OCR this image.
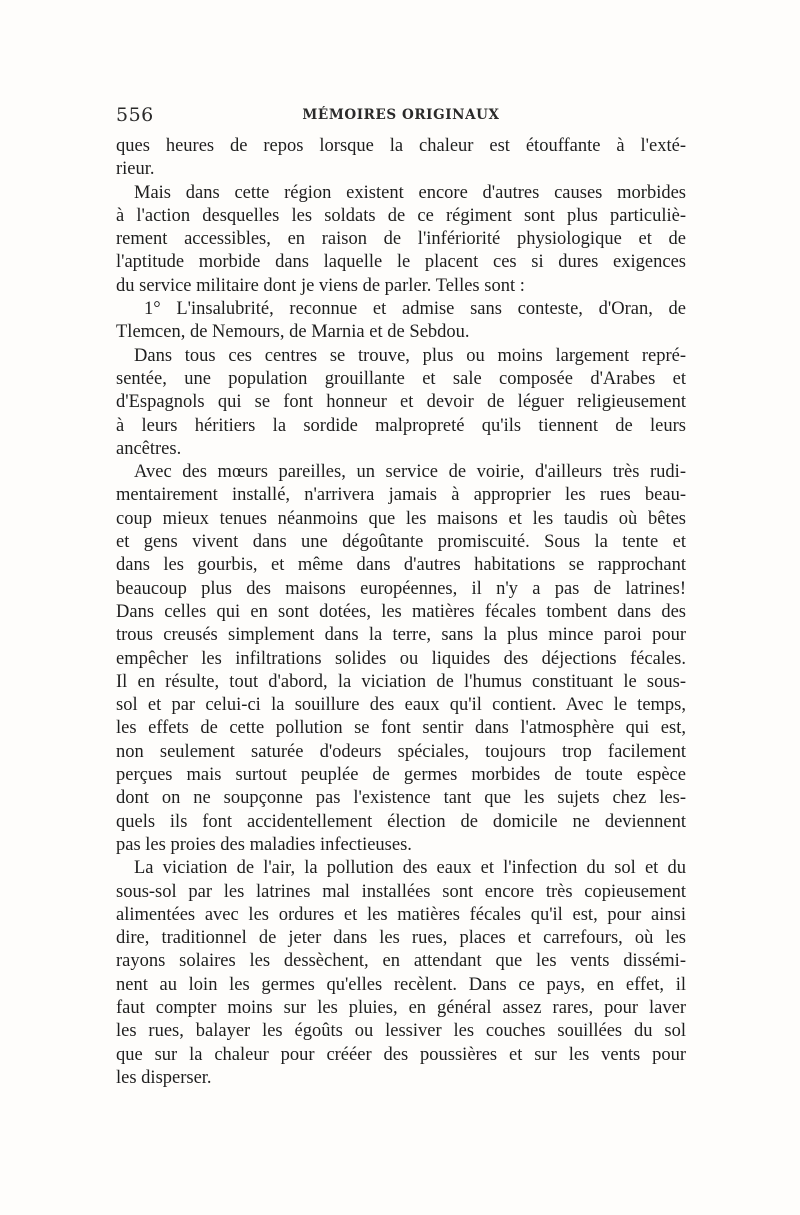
556	MÉMOIRES ORIGINAUX
ques heures de repos lorsque la chaleur est étouffante à l'exté-
rieur.
Mais dans cette région existent encore d'autres causes morbides
à l'action desquelles les soldats de ce régiment sont plus particuliè-
rement accessibles, en raison de l'infériorité physiologique et de
l'aptitude morbide dans laquelle le placent ces si dures exigences
du service militaire dont je viens de parler. Telles sont :
1° L'insalubrité, reconnue et admise sans conteste, d'Oran, de
Tlemcen, de Nemours, de Marnia et de Sebdou.
Dans tous ces centres se trouve, plus ou moins largement repré-
sentée, une population grouillante et sale composée d'Arabes et
d'Espagnols qui se font honneur et devoir de léguer religieusement
à leurs héritiers la sordide malpropreté qu'ils tiennent de leurs
ancêtres.
Avec des mœurs pareilles, un service de voirie, d'ailleurs très rudi-
mentairement installé, n'arrivera jamais à approprier les rues beau-
coup mieux tenues néanmoins que les maisons et les taudis où bêtes
et gens vivent dans une dégoûtante promiscuité. Sous la tente et
dans les gourbis, et même dans d'autres habitations se rapprochant
beaucoup plus des maisons européennes, il n'y a pas de latrines!
Dans celles qui en sont dotées, les matières fécales tombent dans des
trous creusés simplement dans la terre, sans la plus mince paroi pour
empêcher les infiltrations solides ou liquides des déjections fécales.
Il en résulte, tout d'abord, la viciation de l'humus constituant le sous-
sol et par celui-ci la souillure des eaux qu'il contient. Avec le temps,
les effets de cette pollution se font sentir dans l'atmosphère qui est,
non seulement saturée d'odeurs spéciales, toujours trop facilement
perçues mais surtout peuplée de germes morbides de toute espèce
dont on ne soupçonne pas l'existence tant que les sujets chez les-
quels ils font accidentellement élection de domicile ne deviennent
pas les proies des maladies infectieuses.
La viciation de l'air, la pollution des eaux et l'infection du sol et du
sous-sol par les latrines mal installées sont encore très copieusement
alimentées avec les ordures et les matières fécales qu'il est, pour ainsi
dire, traditionnel de jeter dans les rues, places et carrefours, où les
rayons solaires les dessèchent, en attendant que les vents dissémi-
nent au loin les germes qu'elles recèlent. Dans ce pays, en effet, il
faut compter moins sur les pluies, en général assez rares, pour laver
les rues, balayer les égoûts ou lessiver les couches souillées du sol
que sur la chaleur pour crééer des poussières et sur les vents pour
les disperser.
